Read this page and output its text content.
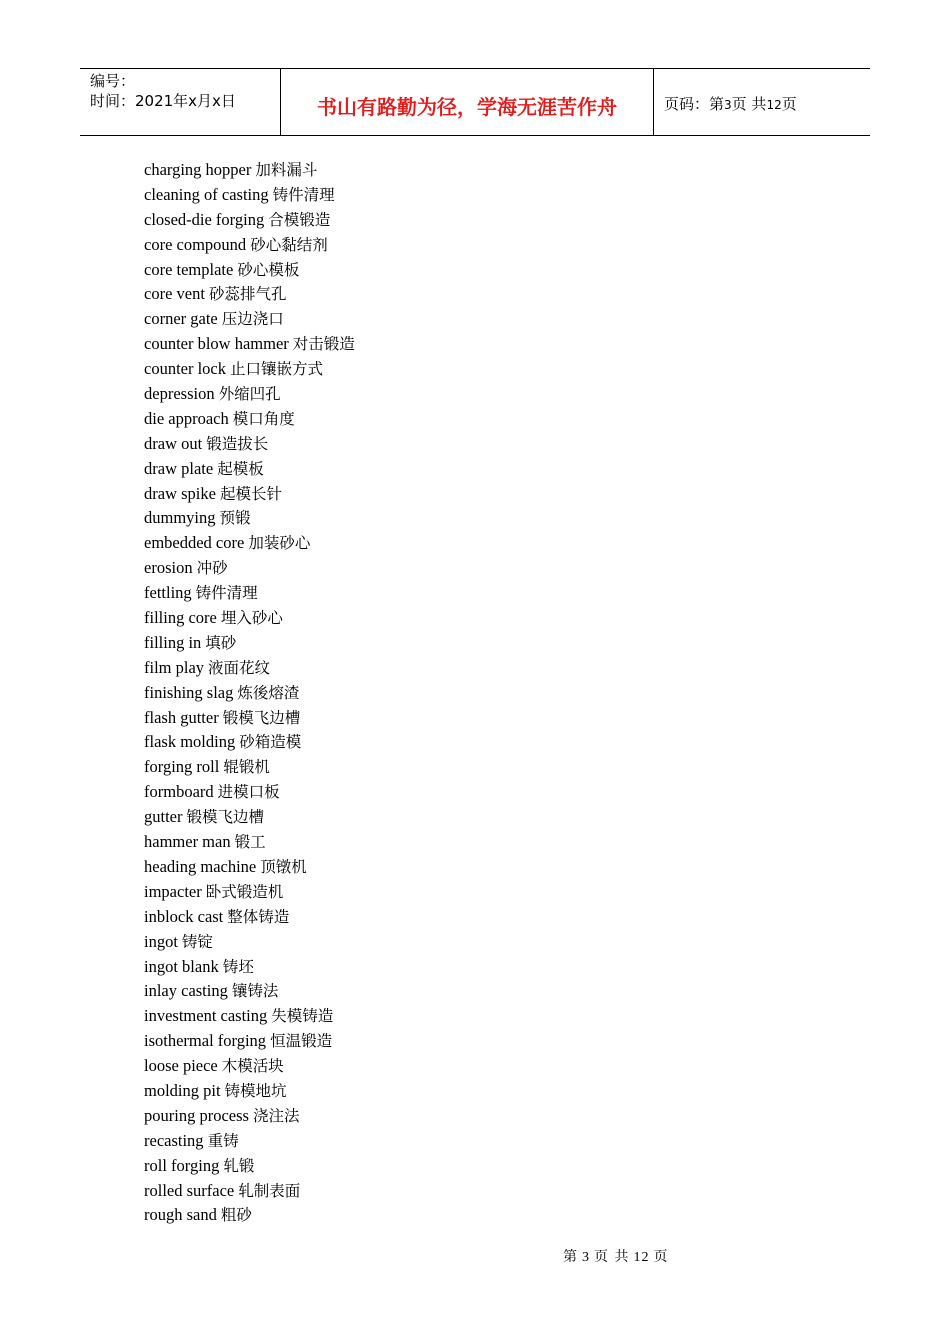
编号：
时间：2021年x月x日	书山有路勤为径，学海无涯苦作舟	页码：第3页 共12页
charging hopper 加料漏斗
cleaning of casting 铸件清理
closed-die forging 合模锻造
core compound 砂心黏结剂
core template 砂心模板
core vent 砂蕊排气孔
corner gate 压边浇口
counter blow hammer 对击锻造
counter lock 止口镶嵌方式
depression 外缩凹孔
die approach 模口角度
draw out 锻造拔长
draw plate 起模板
draw spike 起模长针
dummying 预锻
embedded core 加装砂心
erosion 冲砂
fettling 铸件清理
filling core 埋入砂心
filling in 填砂
film play 液面花纹
finishing slag 炼後熔渣
flash gutter 锻模飞边槽
flask molding 砂箱造模
forging roll 辊锻机
formboard 进模口板
gutter 锻模飞边槽
hammer man 锻工
heading machine 顶镦机
impacter 卧式锻造机
inblock cast 整体铸造
ingot 铸锭
ingot blank 铸坯
inlay casting 镶铸法
investment casting 失模铸造
isothermal forging 恒温锻造
loose piece 木模活块
molding pit 铸模地坑
pouring process 浇注法
recasting 重铸
roll forging 轧锻
rolled surface 轧制表面
rough sand 粗砂
第 3 页 共 12 页
